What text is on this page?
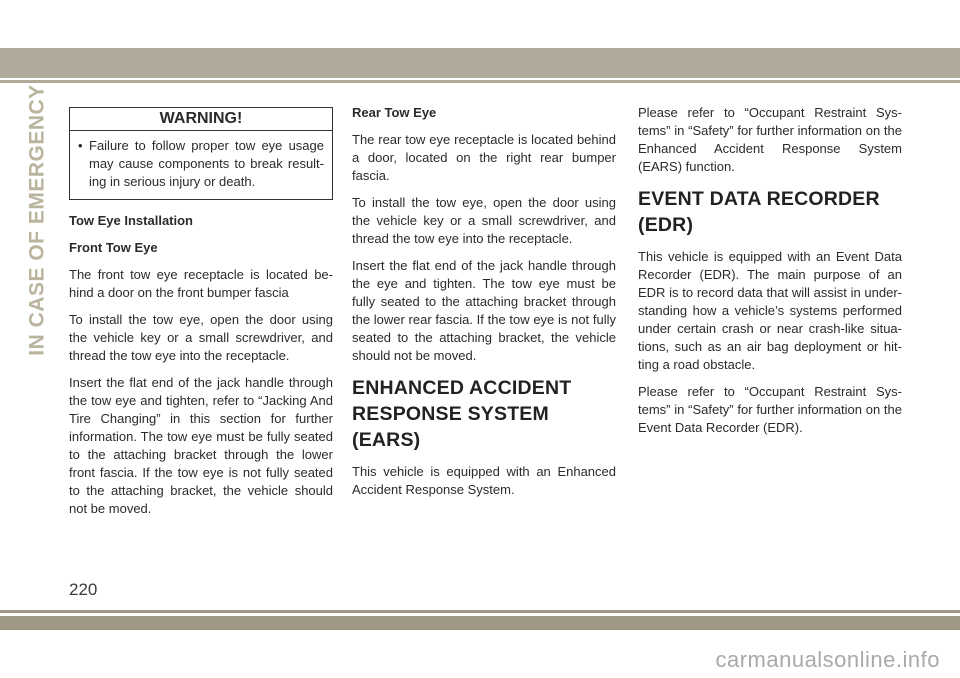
IN CASE OF EMERGENCY	WARNING!
• Failure to follow proper tow eye usage may cause components to break result-ing in serious injury or death.

Tow Eye Installation

Front Tow Eye

The front tow eye receptacle is located be-hind a door on the front bumper fascia

To install the tow eye, open the door using the vehicle key or a small screwdriver, and thread the tow eye into the receptacle.

Insert the flat end of the jack handle through the tow eye and tighten, refer to “Jacking And Tire Changing” in this section for further information. The tow eye must be fully seated to the attaching bracket through the lower front fascia. If the tow eye is not fully seated to the attaching bracket, the vehicle should not be moved.

Rear Tow Eye

The rear tow eye receptacle is located behind a door, located on the right rear bumper fascia.

To install the tow eye, open the door using the vehicle key or a small screwdriver, and thread the tow eye into the receptacle.

Insert the flat end of the jack handle through the eye and tighten. The tow eye must be fully seated to the attaching bracket through the lower rear fascia. If the tow eye is not fully seated to the attaching bracket, the vehicle should not be moved.

ENHANCED ACCIDENT RESPONSE SYSTEM (EARS)

This vehicle is equipped with an Enhanced Accident Response System.

Please refer to “Occupant Restraint Sys-tems” in “Safety” for further information on the Enhanced Accident Response System (EARS) function.

EVENT DATA RECORDER (EDR)

This vehicle is equipped with an Event Data Recorder (EDR). The main purpose of an EDR is to record data that will assist in under-standing how a vehicle’s systems performed under certain crash or near crash-like situa-tions, such as an air bag deployment or hit-ting a road obstacle.

Please refer to “Occupant Restraint Sys-tems” in “Safety” for further information on the Event Data Recorder (EDR).

220
carmanualsonline.info
